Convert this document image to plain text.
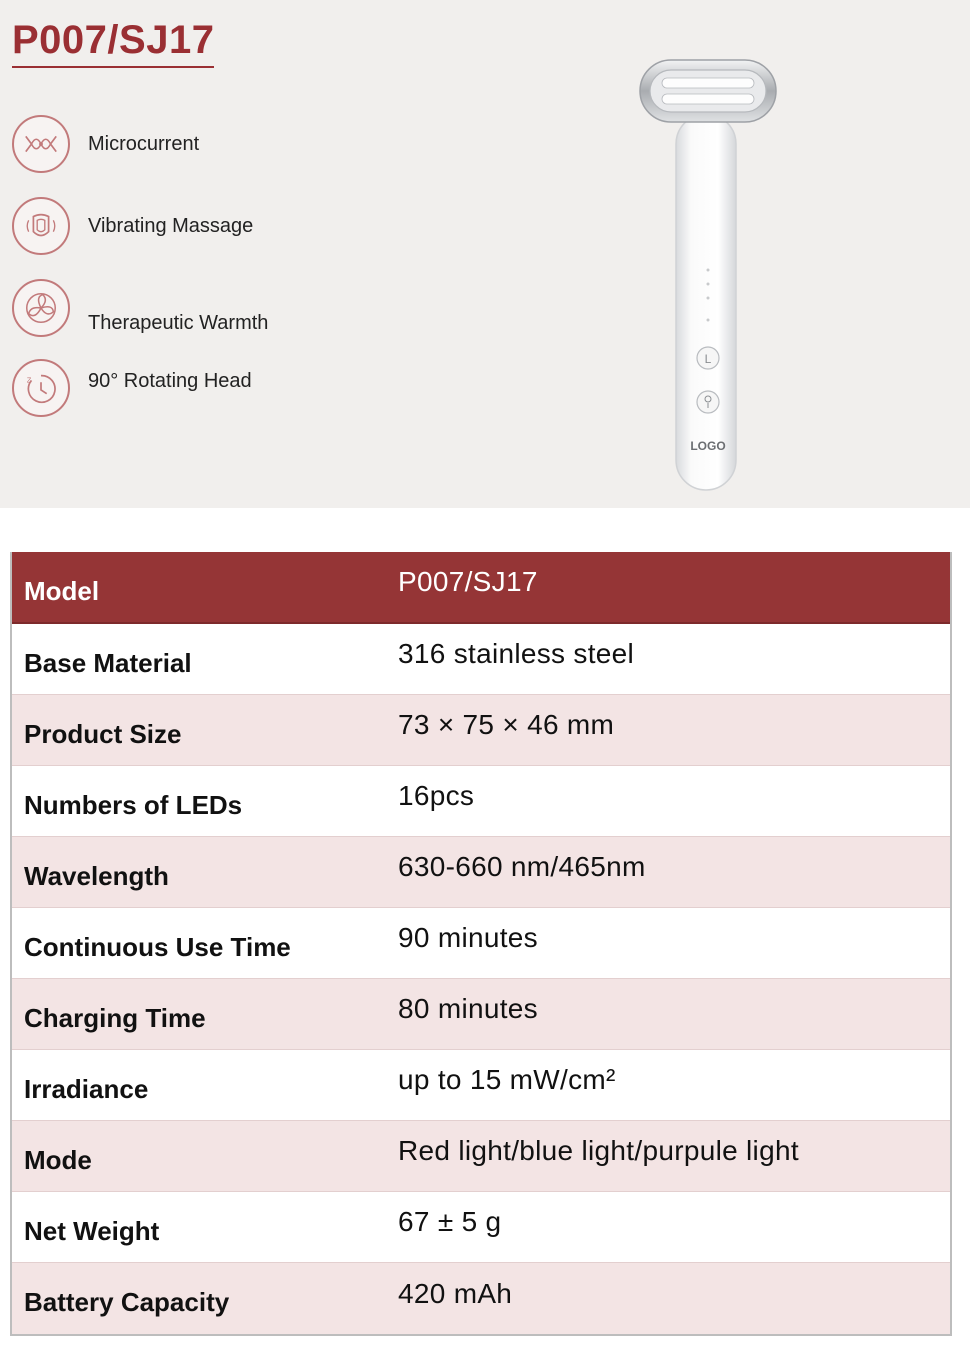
P007/SJ17
Microcurrent
Vibrating Massage
Therapeutic Warmth
Z	90° Rotating Head
L
LOGO
Model	P007/SJ17
Base Material	316 stainless steel
Product Size	73 × 75 × 46 mm
Numbers of LEDs	16pcs
Wavelength	630-660 nm/465nm
Continuous Use Time	90 minutes
Charging Time	80 minutes
Irradiance	up to 15 mW/cm²
Mode	Red light/blue light/purpule light
Net Weight	67 ± 5 g
Battery Capacity	420 mAh
